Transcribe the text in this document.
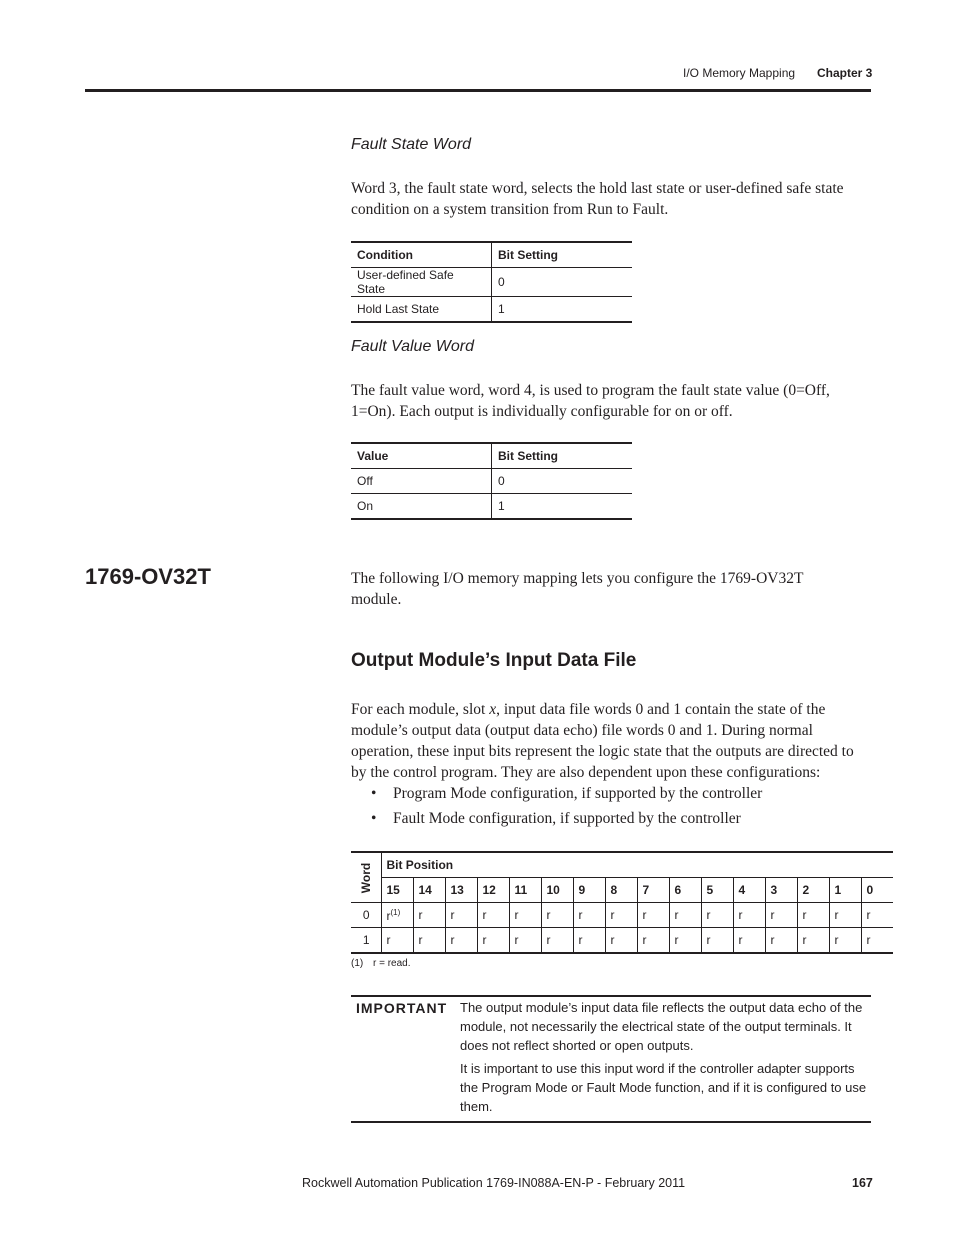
I/O Memory Mapping Chapter 3
Fault State Word
Word 3, the fault state word, selects the hold last state or user-defined safe state condition on a system transition from Run to Fault.
Condition	Bit Setting
User-defined Safe State	0
Hold Last State	1
Fault Value Word
The fault value word, word 4, is used to program the fault state value (0=Off, 1=On). Each output is individually configurable for on or off.
Value	Bit Setting
Off	0
On	1
1769-OV32T	The following I/O memory mapping lets you configure the 1769-OV32T module.
Output Module’s Input Data File
For each module, slot x, input data file words 0 and 1 contain the state of the module’s output data (output data echo) file words 0 and 1. During normal operation, these input bits represent the logic state that the outputs are directed to by the control program. They are also dependent upon these configurations:
• Program Mode configuration, if supported by the controller
• Fault Mode configuration, if supported by the controller
Word	Bit Position															
	15	14	13	12	11	10	9	8	7	6	5	4	3	2	1	0
0	$r^{(1)}$	r	r	r	r	r	r	r	r	r	r	r	r	r	r	r
1	r	r	r	r	r	r	r	r	r	r	r	r	r	r	r	r
(1) r = read.
IMPORTANT The output module’s input data file reflects the output data echo of the module, not necessarily the electrical state of the output terminals. It does not reflect shorted or open outputs.
It is important to use this input word if the controller adapter supports the Program Mode or Fault Mode function, and if it is configured to use them.
Rockwell Automation Publication 1769-IN088A-EN-P - February 2011	167
